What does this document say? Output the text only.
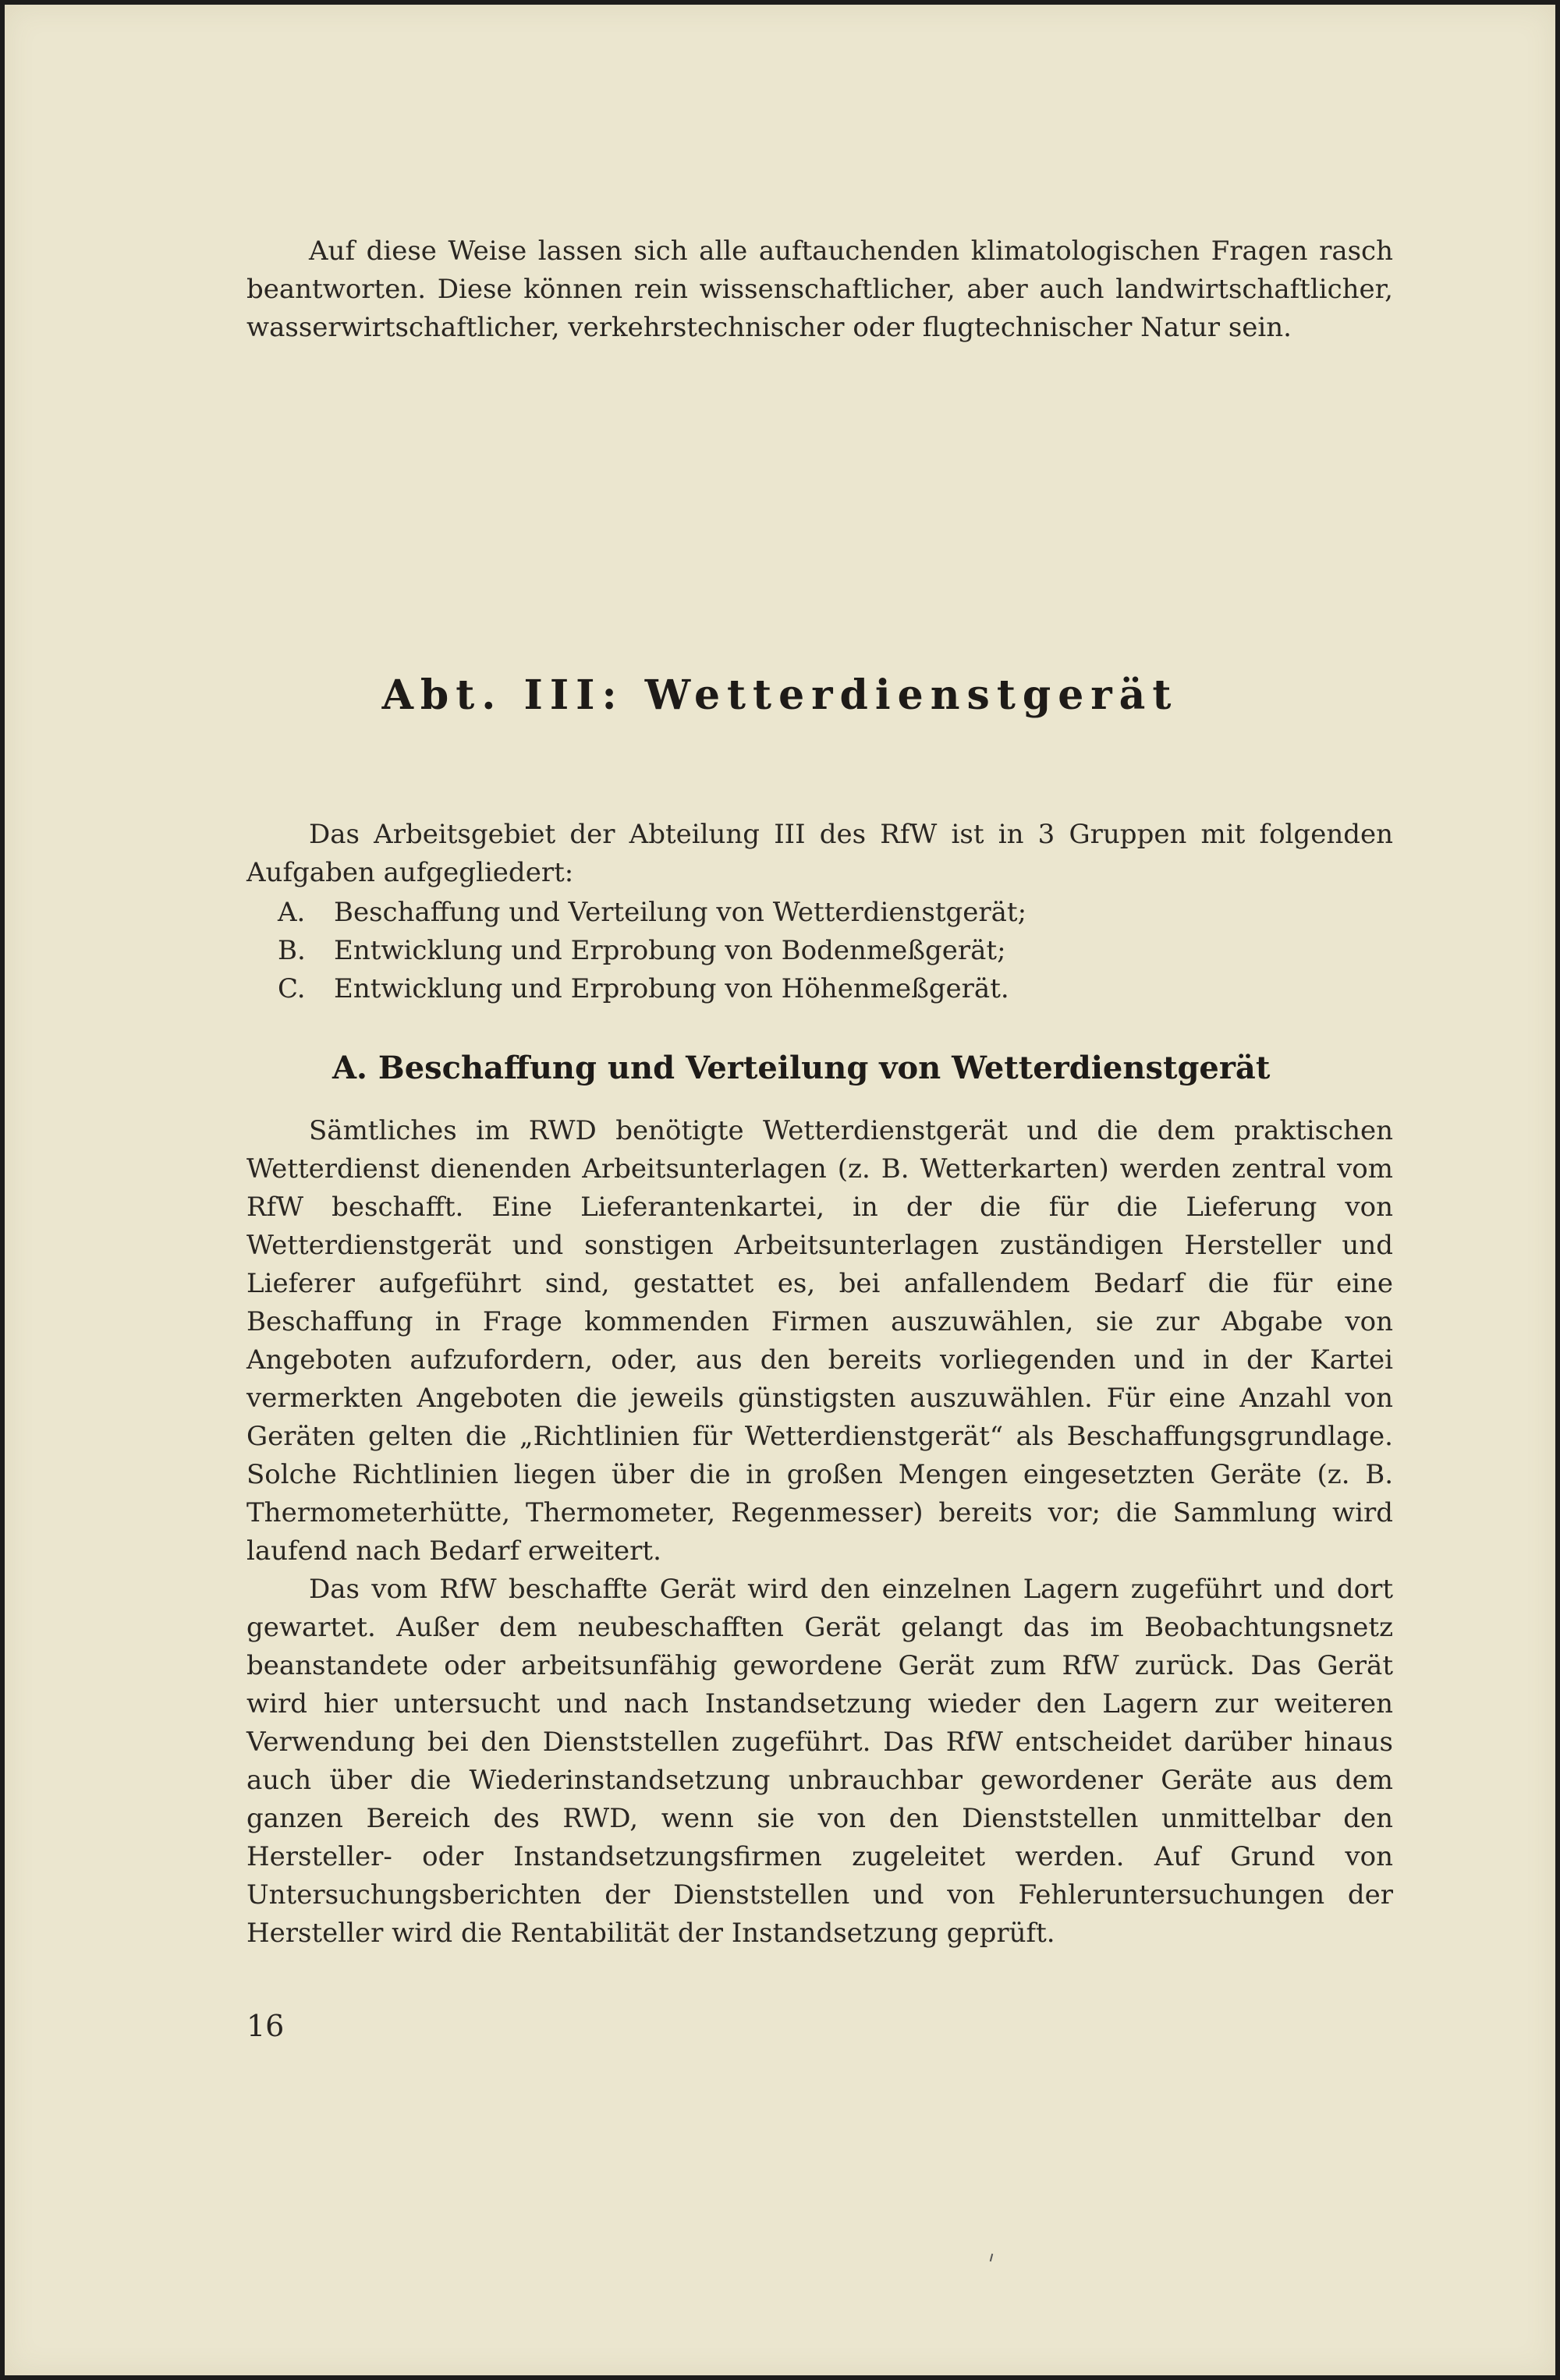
Auf diese Weise lassen sich alle auftauchenden klimatologischen Fragen rasch beantworten. Diese können rein wissenschaftlicher, aber auch landwirtschaftlicher, wasserwirtschaftlicher, verkehrstechnischer oder flugtechnischer Natur sein.

Abt. III: Wetterdienstgerät

Das Arbeitsgebiet der Abteilung III des RfW ist in 3 Gruppen mit folgenden Aufgaben aufgegliedert:

A.	Beschaffung und Verteilung von Wetterdienstgerät;
B.	Entwicklung und Erprobung von Bodenmeßgerät;
C.	Entwicklung und Erprobung von Höhenmeßgerät.
A. Beschaffung und Verteilung von Wetterdienstgerät

Sämtliches im RWD benötigte Wetterdienstgerät und die dem praktischen Wetterdienst dienenden Arbeitsunterlagen (z. B. Wetterkarten) werden zentral vom RfW beschafft. Eine Lieferantenkartei, in der die für die Lieferung von Wetterdienstgerät und sonstigen Arbeitsunterlagen zuständigen Hersteller und Lieferer aufgeführt sind, gestattet es, bei anfallendem Bedarf die für eine Beschaffung in Frage kommenden Firmen auszuwählen, sie zur Abgabe von Angeboten aufzufordern, oder, aus den bereits vorliegenden und in der Kartei vermerkten Angeboten die jeweils günstigsten auszuwählen. Für eine Anzahl von Geräten gelten die „Richtlinien für Wetterdienstgerät“ als Beschaffungsgrundlage. Solche Richtlinien liegen über die in großen Mengen eingesetzten Geräte (z. B. Thermometerhütte, Thermometer, Regenmesser) bereits vor; die Sammlung wird laufend nach Bedarf erweitert.

Das vom RfW beschaffte Gerät wird den einzelnen Lagern zugeführt und dort gewartet. Außer dem neubeschafften Gerät gelangt das im Beobachtungsnetz beanstandete oder arbeitsunfähig gewordene Gerät zum RfW zurück. Das Gerät wird hier untersucht und nach Instandsetzung wieder den Lagern zur weiteren Verwendung bei den Dienststellen zugeführt. Das RfW entscheidet darüber hinaus auch über die Wiederinstandsetzung unbrauchbar gewordener Geräte aus dem ganzen Bereich des RWD, wenn sie von den Dienststellen unmittelbar den Hersteller- oder Instandsetzungsfirmen zugeleitet werden. Auf Grund von Untersuchungsberichten der Dienststellen und von Fehleruntersuchungen der Hersteller wird die Rentabilität der Instandsetzung geprüft.

16
